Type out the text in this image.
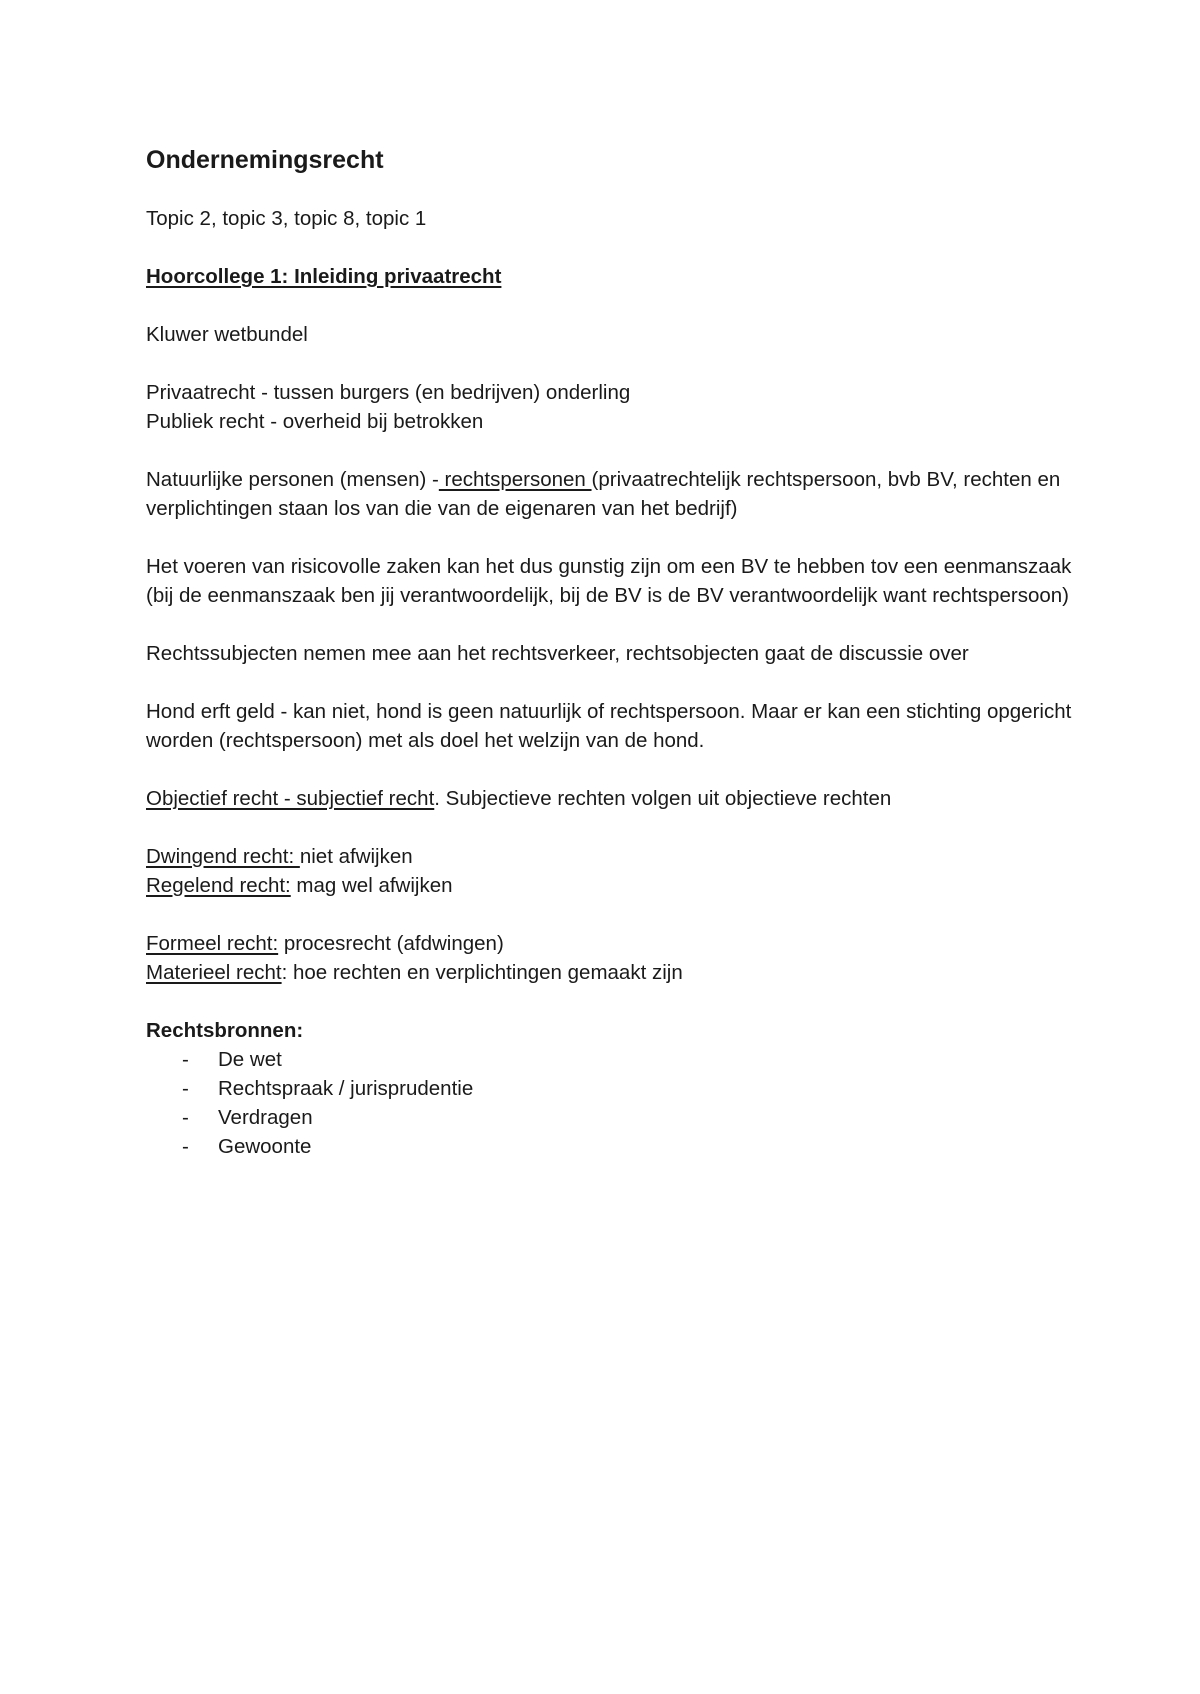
Ondernemingsrecht

Topic 2, topic 3, topic 8, topic 1

Hoorcollege 1: Inleiding privaatrecht

Kluwer wetbundel

Privaatrecht - tussen burgers (en bedrijven) onderling
Publiek recht - overheid bij betrokken

Natuurlijke personen (mensen) - rechtspersonen (privaatrechtelijk rechtspersoon, bvb BV, rechten en verplichtingen staan los van die van de eigenaren van het bedrijf)

Het voeren van risicovolle zaken kan het dus gunstig zijn om een BV te hebben tov een eenmanszaak (bij de eenmanszaak ben jij verantwoordelijk, bij de BV is de BV verantwoordelijk want rechtspersoon)

Rechtssubjecten nemen mee aan het rechtsverkeer, rechtsobjecten gaat de discussie over

Hond erft geld - kan niet, hond is geen natuurlijk of rechtspersoon. Maar er kan een stichting opgericht worden (rechtspersoon) met als doel het welzijn van de hond.

Objectief recht - subjectief recht. Subjectieve rechten volgen uit objectieve rechten

Dwingend recht: niet afwijken
Regelend recht: mag wel afwijken

Formeel recht: procesrecht (afdwingen)
Materieel recht: hoe rechten en verplichtingen gemaakt zijn

Rechtsbronnen:
-	De wet
-	Rechtspraak / jurisprudentie
-	Verdragen
-	Gewoonte
